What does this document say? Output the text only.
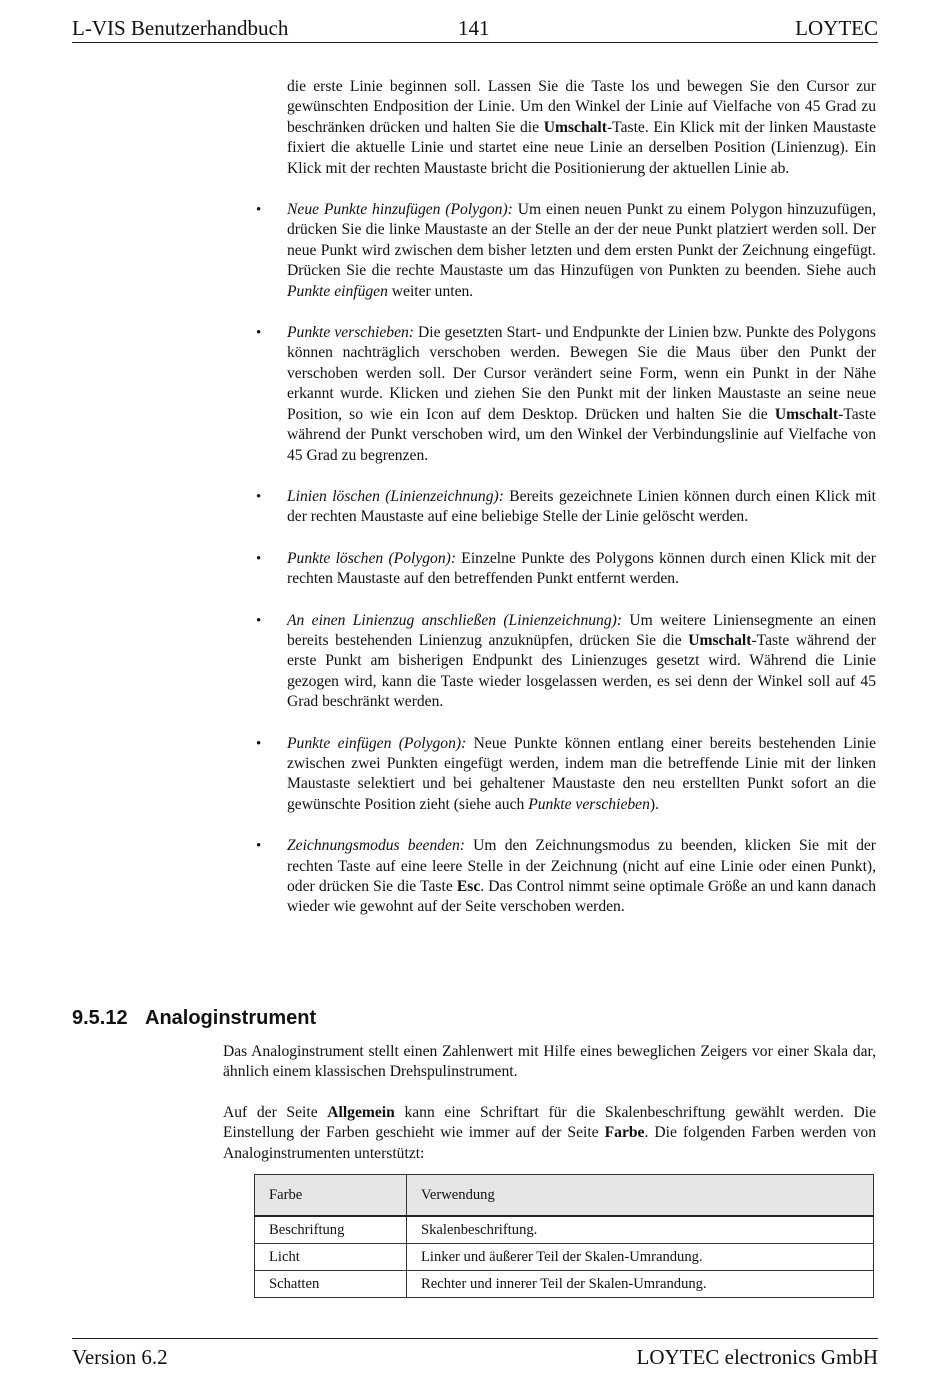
L-VIS Benutzerhandbuch	141	LOYTEC

die erste Linie beginnen soll. Lassen Sie die Taste los und bewegen Sie den Cursor zur gewünschten Endposition der Linie. Um den Winkel der Linie auf Vielfache von 45 Grad zu beschränken drücken und halten Sie die Umschalt-Taste. Ein Klick mit der linken Maustaste fixiert die aktuelle Linie und startet eine neue Linie an derselben Position (Linienzug). Ein Klick mit der rechten Maustaste bricht die Positionierung der aktuellen Linie ab.

• Neue Punkte hinzufügen (Polygon): Um einen neuen Punkt zu einem Polygon hinzuzufügen, drücken Sie die linke Maustaste an der Stelle an der der neue Punkt platziert werden soll. Der neue Punkt wird zwischen dem bisher letzten und dem ersten Punkt der Zeichnung eingefügt. Drücken Sie die rechte Maustaste um das Hinzufügen von Punkten zu beenden. Siehe auch Punkte einfügen weiter unten.
• Punkte verschieben: Die gesetzten Start- und Endpunkte der Linien bzw. Punkte des Polygons können nachträglich verschoben werden. Bewegen Sie die Maus über den Punkt der verschoben werden soll. Der Cursor verändert seine Form, wenn ein Punkt in der Nähe erkannt wurde. Klicken und ziehen Sie den Punkt mit der linken Maustaste an seine neue Position, so wie ein Icon auf dem Desktop. Drücken und halten Sie die Umschalt-Taste während der Punkt verschoben wird, um den Winkel der Verbindungslinie auf Vielfache von 45 Grad zu begrenzen.
• Linien löschen (Linienzeichnung): Bereits gezeichnete Linien können durch einen Klick mit der rechten Maustaste auf eine beliebige Stelle der Linie gelöscht werden.
• Punkte löschen (Polygon): Einzelne Punkte des Polygons können durch einen Klick mit der rechten Maustaste auf den betreffenden Punkt entfernt werden.
• An einen Linienzug anschließen (Linienzeichnung): Um weitere Liniensegmente an einen bereits bestehenden Linienzug anzuknüpfen, drücken Sie die Umschalt-Taste während der erste Punkt am bisherigen Endpunkt des Linienzuges gesetzt wird. Während die Linie gezogen wird, kann die Taste wieder losgelassen werden, es sei denn der Winkel soll auf 45 Grad beschränkt werden.
• Punkte einfügen (Polygon): Neue Punkte können entlang einer bereits bestehenden Linie zwischen zwei Punkten eingefügt werden, indem man die betreffende Linie mit der linken Maustaste selektiert und bei gehaltener Maustaste den neu erstellten Punkt sofort an die gewünschte Position zieht (siehe auch Punkte verschieben).
• Zeichnungsmodus beenden: Um den Zeichnungsmodus zu beenden, klicken Sie mit der rechten Taste auf eine leere Stelle in der Zeichnung (nicht auf eine Linie oder einen Punkt), oder drücken Sie die Taste Esc. Das Control nimmt seine optimale Größe an und kann danach wieder wie gewohnt auf der Seite verschoben werden.
9.5.12 Analoginstrument

Das Analoginstrument stellt einen Zahlenwert mit Hilfe eines beweglichen Zeigers vor einer Skala dar, ähnlich einem klassischen Drehspulinstrument.

Auf der Seite Allgemein kann eine Schriftart für die Skalenbeschriftung gewählt werden. Die Einstellung der Farben geschieht wie immer auf der Seite Farbe. Die folgenden Farben werden von Analoginstrumenten unterstützt:

Farbe	Verwendung
Beschriftung	Skalenbeschriftung.
Licht	Linker und äußerer Teil der Skalen-Umrandung.
Schatten	Rechter und innerer Teil der Skalen-Umrandung.
Version 6.2	LOYTEC electronics GmbH
